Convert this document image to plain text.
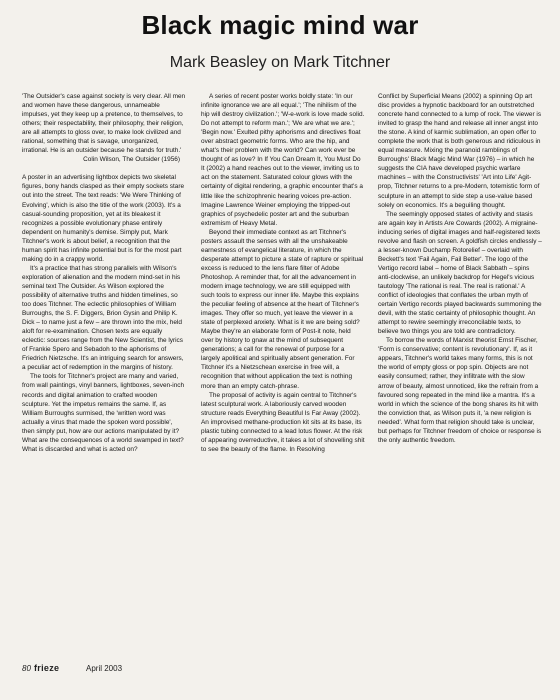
Black magic mind war
Mark Beasley on Mark Titchner

'The Outsider's case against society is very clear. All men and women have these dangerous, unnameable impulses, yet they keep up a pretence, to themselves, to others; their respectability, their philosophy, their religion, are all attempts to gloss over, to make look civilized and rational, something that is savage, unorganized, irrational. He is an outsider because he stands for truth.'

Colin Wilson, The Outsider (1956)

A poster in an advertising lightbox depicts two skeletal figures, bony hands clasped as their empty sockets stare out into the street. The text reads: 'We Were Thinking of Evolving', which is also the title of the work (2003). It's a casual-sounding proposition, yet at its bleakest it recognizes a possible evolutionary phase entirely dependent on humanity's demise. Simply put, Mark Titchner's work is about belief, a recognition that the human spirit has infinite potential but is for the most part making do in a crappy world.

It's a practice that has strong parallels with Wilson's exploration of alienation and the modern mind-set in his seminal text The Outsider. As Wilson explored the possibility of alternative truths and hidden timelines, so too does Titchner. The eclectic philosophies of William Burroughs, the S. F. Diggers, Brion Gysin and Philip K. Dick – to name just a few – are thrown into the mix, held aloft for re-examination. Chosen texts are equally eclectic: sources range from the New Scientist, the lyrics of Frankie Spero and Sebadoh to the aphorisms of Friedrich Nietzsche. It's an intriguing search for answers, a peculiar act of redemption in the margins of history.

The tools for Titchner's project are many and varied, from wall paintings, vinyl banners, lightboxes, seven-inch records and digital animation to crafted wooden sculpture. Yet the impetus remains the same. If, as William Burroughs surmised, the 'written word was actually a virus that made the spoken word possible', then simply put, how are our actions manipulated by it? What are the consequences of a world swamped in text? What is discarded and what is acted on?

A series of recent poster works boldly state: 'In our infinite ignorance we are all equal.'; 'The nihilism of the hip will destroy civilization.'; 'W-e-work is love made solid. Do not attempt to reform man.'; 'We are what we are.'; 'Begin now.' Exulted pithy aphorisms and directives float over abstract geometric forms. Who are the hip, and what's their problem with the world? Can work ever be thought of as love? In If You Can Dream It, You Must Do It (2002) a hand reaches out to the viewer, inviting us to act on the statement. Saturated colour glows with the certainty of digital rendering, a graphic encounter that's a little like the schizophrenic hearing voices pre-action. Imagine Lawrence Weiner employing the tripped-out graphics of psychedelic poster art and the suburban extremism of Heavy Metal.

Beyond their immediate context as art Titchner's posters assault the senses with all the unshakeable earnestness of evangelical literature, in which the desperate attempt to picture a state of rapture or spiritual excess is reduced to the lens flare filter of Adobe Photoshop. A reminder that, for all the advancement in modern image technology, we are still equipped with such tools to express our inner life. Maybe this explains the peculiar feeling of absence at the heart of Titchner's images. They offer so much, yet leave the viewer in a state of perplexed anxiety. What is it we are being sold? Maybe they're an elaborate form of Post-it note, held over by history to gnaw at the mind of subsequent generations; a call for the renewal of purpose for a largely apolitical and spiritually absent generation. For Titchner it's a Nietzschean exercise in free will, a recognition that without application the text is nothing more than an empty catch-phrase.

The proposal of activity is again central to Titchner's latest sculptural work. A laboriously carved wooden structure reads Everything Beautiful Is Far Away (2002). An improvised methane-production kit sits at its base, its plastic tubing connected to a lead lotus flower. At the risk of appearing overreductive, it takes a lot of shovelling shit to see the beauty of the flame. In Resolving

Conflict by Superficial Means (2002) a spinning Op art disc provides a hypnotic backboard for an outstretched concrete hand connected to a lump of rock. The viewer is invited to grasp the hand and release all inner angst into the stone. A kind of karmic sublimation, an open offer to complete the work that is both generous and ridiculous in equal measure. Mixing the paranoid ramblings of Burroughs' Black Magic Mind War (1976) – in which he suggests the CIA have developed psychic warfare machines – with the Constructivists' 'Art into Life' Agit-prop, Titchner returns to a pre-Modern, totemistic form of sculpture in an attempt to side step a use-value based solely on economics. It's a beguiling thought.

The seemingly opposed states of activity and stasis are again key in Artists Are Cowards (2002). A migraine-inducing series of digital images and half-registered texts revolve and flash on screen. A goldfish circles endlessly – a lesser-known Duchamp Rotorelief – overlaid with Beckett's text 'Fail Again, Fail Better'. The logo of the Vertigo record label – home of Black Sabbath – spins anti-clockwise, an unlikely backdrop for Hegel's vicious tautology 'The rational is real. The real is rational.' A conflict of ideologies that conflates the urban myth of certain Vertigo records played backwards summoning the devil, with the static certainty of philosophic thought. An attempt to rewire seemingly irreconcilable texts, to believe two things you are told are contradictory.

To borrow the words of Marxist theorist Ernst Fischer, 'Form is conservative; content is revolutionary'. If, as it appears, Titchner's world takes many forms, this is not the world of empty gloss or pop spin. Objects are not easily consumed; rather, they infiltrate with the slow arrow of beauty, almost unnoticed, like the refrain from a favoured song repeated in the mind like a mantra. It's a world in which the science of the bong shares its hit with the conviction that, as Wilson puts it, 'a new religion is needed'. What form that religion should take is unclear, but perhaps for Titchner freedom of choice or response is the only authentic freedom.

80 frieze	April 2003
